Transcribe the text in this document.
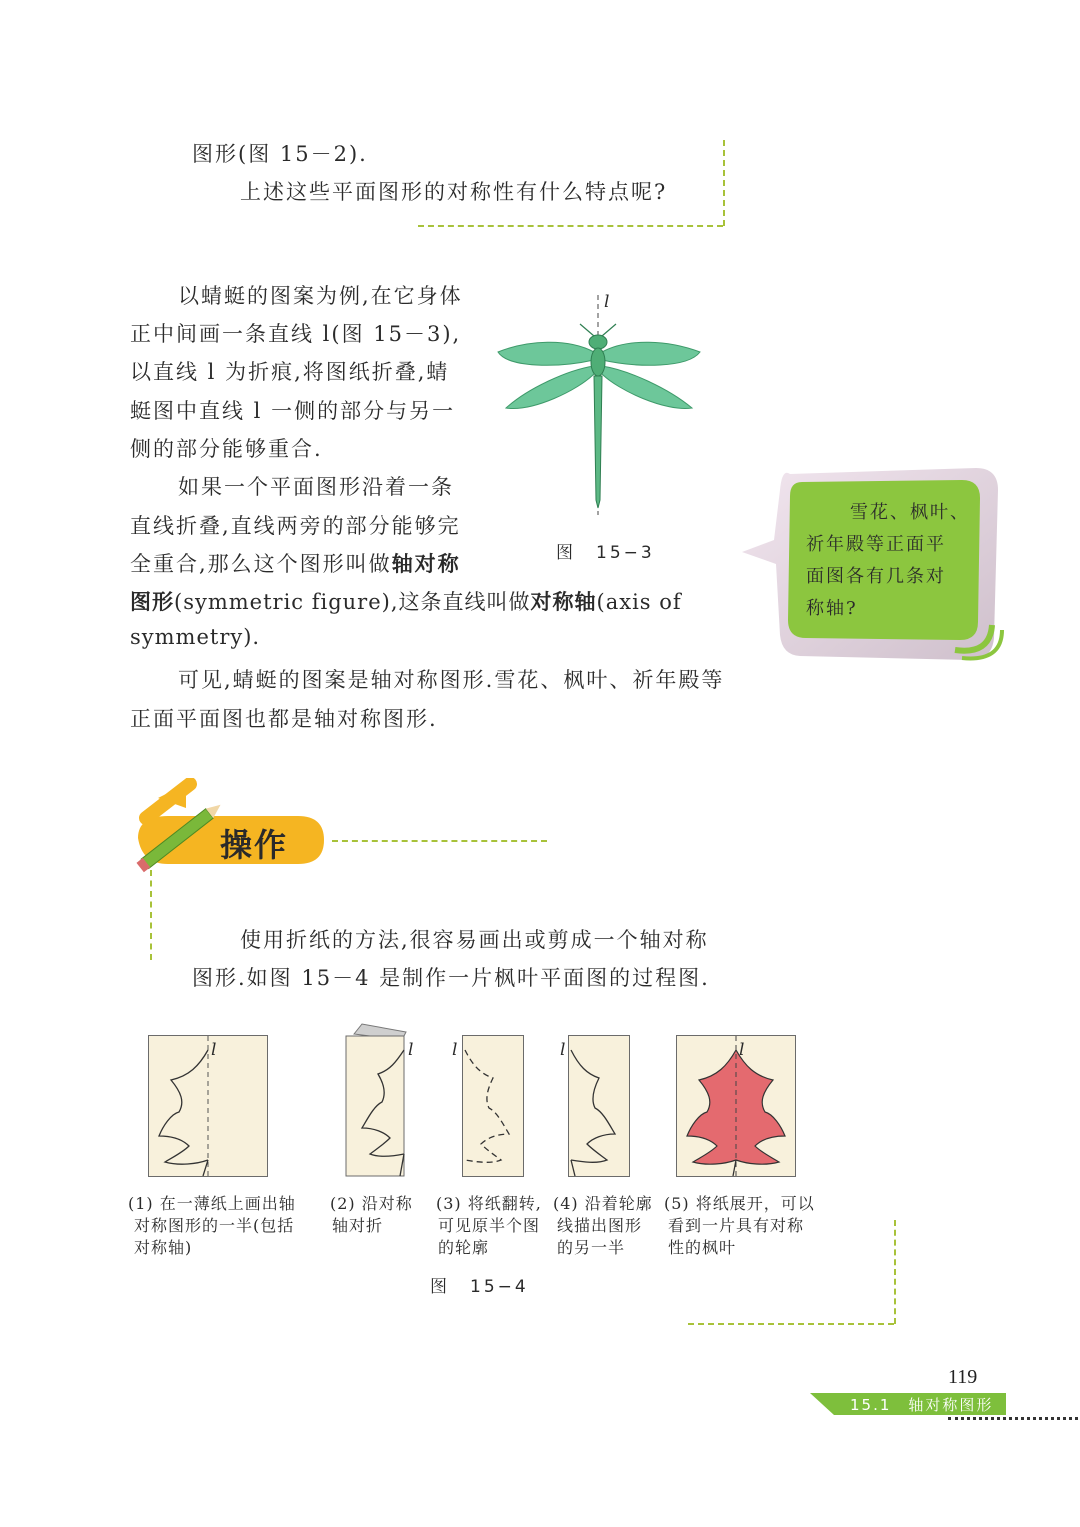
图形(图 15－2).
上述这些平面图形的对称性有什么特点呢?
以蜻蜓的图案为例,在它身体
正中间画一条直线 l(图 15－3),
以直线 l 为折痕,将图纸折叠,蜻
蜓图中直线 l 一侧的部分与另一
侧的部分能够重合.
如果一个平面图形沿着一条
直线折叠,直线两旁的部分能够完
全重合,那么这个图形叫做轴对称
图形(symmetric figure),这条直线叫做对称轴(axis of
symmetry).
可见,蜻蜓的图案是轴对称图形.雪花、枫叶、祈年殿等
正面平面图也都是轴对称图形.
l
图　15−3
雪花、枫叶、
祈年殿等正面平
面图各有几条对
称轴?
操作
使用折纸的方法,很容易画出或剪成一个轴对称
图形.如图 15－4 是制作一片枫叶平面图的过程图.
l	l l	l	l
(1) 在一薄纸上画出轴
对称图形的一半(包括
对称轴)
(2) 沿对称
轴对折
(3) 将纸翻转,
可见原半个图
的轮廓
(4) 沿着轮廓
线描出图形
的另一半
(5) 将纸展开，可以
看到一片具有对称
性的枫叶
图　15−4
119
15.1　轴对称图形
